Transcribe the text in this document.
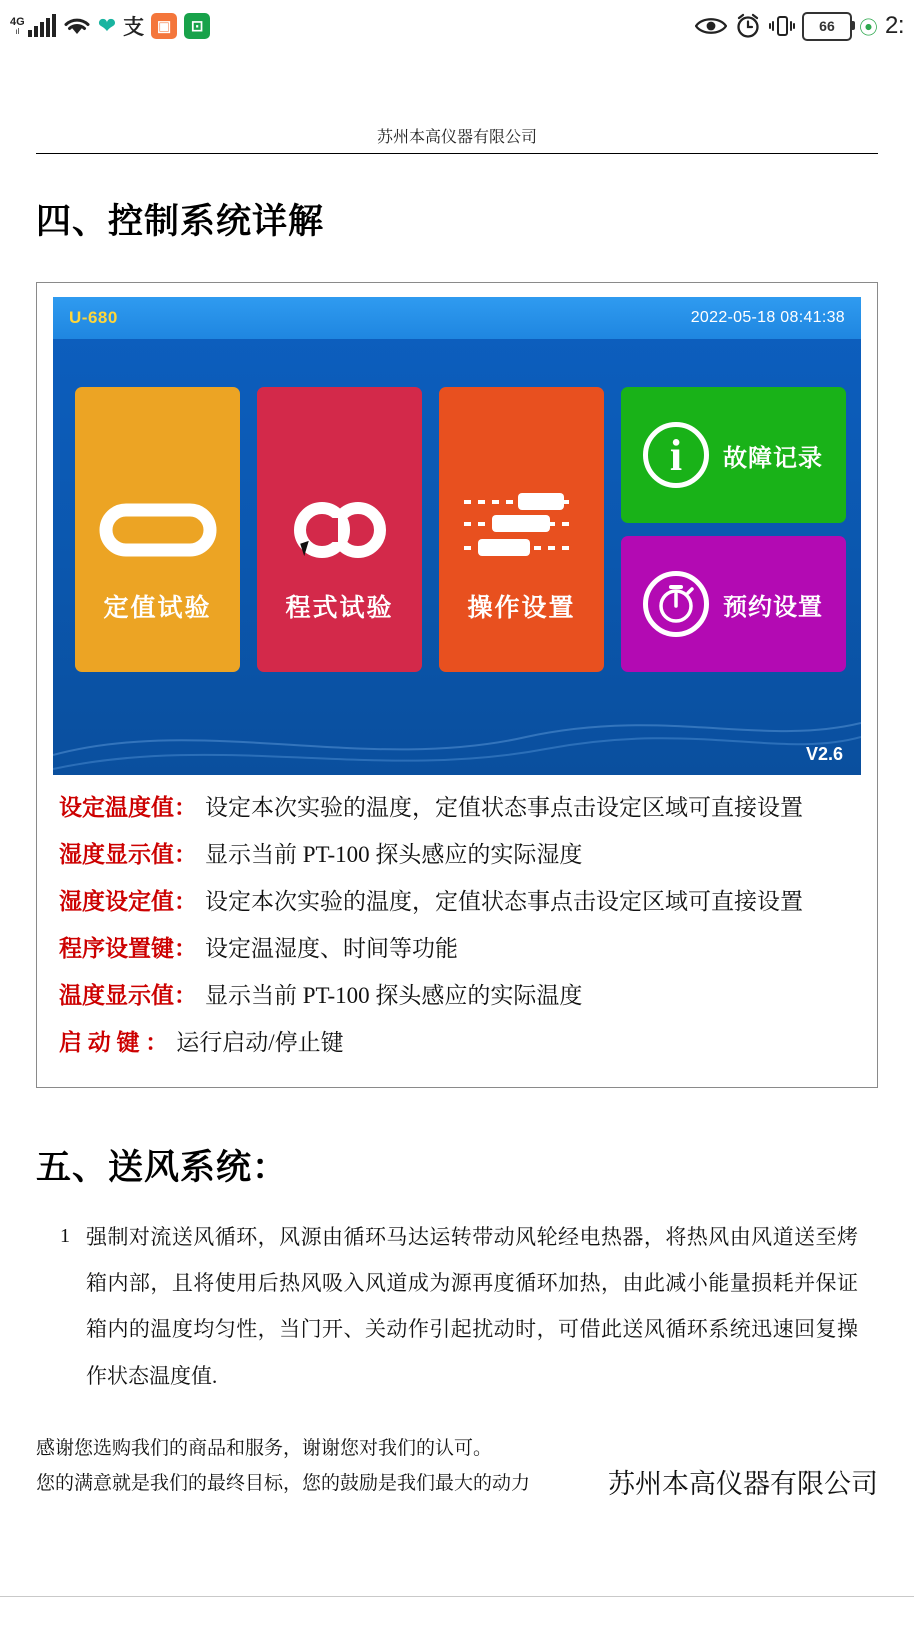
4G
ıl	❤ 支 ▣	⊡	66	⦿ 2:
苏州本高仪器有限公司
四、控制系统详解
U-680	2022-05-18 08:41:38
定值试验	程式试验	操作设置
i	故障记录
预约设置
V2.6
设定温度值： 设定本次实验的温度，定值状态事点击设定区域可直接设置
湿度显示值： 显示当前 PT-100 探头感应的实际湿度
湿度设定值： 设定本次实验的温度，定值状态事点击设定区域可直接设置
程序设置键： 设定温湿度、时间等功能
温度显示值： 显示当前 PT-100 探头感应的实际温度
启 动 键 ： 运行启动/停止键
五、送风系统：
1 强制对流送风循环，风源由循环马达运转带动风轮经电热器，将热风由风道送至烤箱内部，且将使用后热风吸入风道成为源再度循环加热，由此减小能量损耗并保证箱内的温度均匀性，当门开、关动作引起扰动时，可借此送风循环系统迅速回复操作状态温度值.

感谢您选购我们的商品和服务，谢谢您对我们的认可。

您的满意就是我们的最终目标，您的鼓励是我们最大的动力	苏州本高仪器有限公司
